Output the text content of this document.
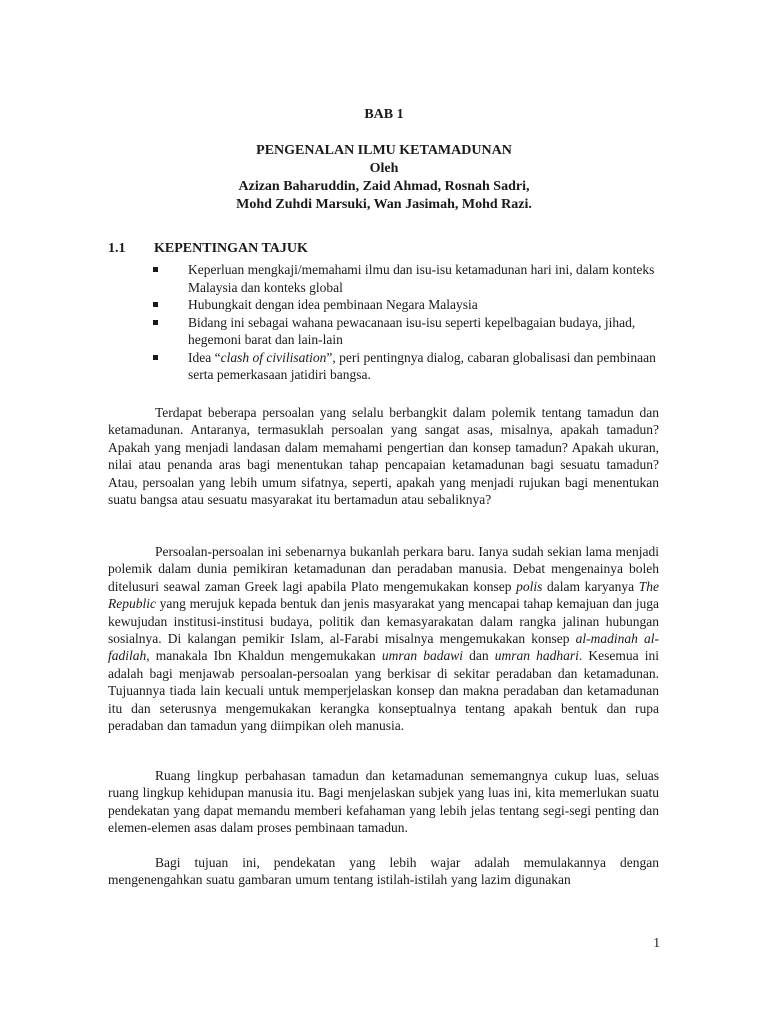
BAB 1
PENGENALAN ILMU KETAMADUNAN
Oleh
Azizan Baharuddin, Zaid Ahmad, Rosnah Sadri,
Mohd Zuhdi Marsuki, Wan Jasimah, Mohd Razi.
1.1 KEPENTINGAN TAJUK
Keperluan mengkaji/memahami ilmu dan isu-isu ketamadunan hari ini, dalam konteks Malaysia dan konteks global
Hubungkait dengan idea pembinaan Negara Malaysia
Bidang ini sebagai wahana pewacanaan isu-isu seperti kepelbagaian budaya, jihad, hegemoni barat dan lain-lain
Idea “clash of civilisation”, peri pentingnya dialog, cabaran globalisasi dan pembinaan serta pemerkasaan jatidiri bangsa.

Terdapat beberapa persoalan yang selalu berbangkit dalam polemik tentang tamadun dan ketamadunan. Antaranya, termasuklah persoalan yang sangat asas, misalnya, apakah tamadun? Apakah yang menjadi landasan dalam memahami pengertian dan konsep tamadun? Apakah ukuran, nilai atau penanda aras bagi menentukan tahap pencapaian ketamadunan bagi sesuatu tamadun? Atau, persoalan yang lebih umum sifatnya, seperti, apakah yang menjadi rujukan bagi menentukan suatu bangsa atau sesuatu masyarakat itu bertamadun atau sebaliknya?

Persoalan-persoalan ini sebenarnya bukanlah perkara baru. Ianya sudah sekian lama menjadi polemik dalam dunia pemikiran ketamadunan dan peradaban manusia. Debat mengenainya boleh ditelusuri seawal zaman Greek lagi apabila Plato mengemukakan konsep polis dalam karyanya The Republic yang merujuk kepada bentuk dan jenis masyarakat yang mencapai tahap kemajuan dan juga kewujudan institusi-institusi budaya, politik dan kemasyarakatan dalam rangka jalinan hubungan sosialnya. Di kalangan pemikir Islam, al-Farabi misalnya mengemukakan konsep al-madinah al-fadilah, manakala Ibn Khaldun mengemukakan umran badawi dan umran hadhari. Kesemua ini adalah bagi menjawab persoalan-persoalan yang berkisar di sekitar peradaban dan ketamadunan. Tujuannya tiada lain kecuali untuk memperjelaskan konsep dan makna peradaban dan ketamadunan itu dan seterusnya mengemukakan kerangka konseptualnya tentang apakah bentuk dan rupa peradaban dan tamadun yang diimpikan oleh manusia.

Ruang lingkup perbahasan tamadun dan ketamadunan sememangnya cukup luas, seluas ruang lingkup kehidupan manusia itu. Bagi menjelaskan subjek yang luas ini, kita memerlukan suatu pendekatan yang dapat memandu memberi kefahaman yang lebih jelas tentang segi-segi penting dan elemen-elemen asas dalam proses pembinaan tamadun.

Bagi tujuan ini, pendekatan yang lebih wajar adalah memulakannya dengan mengenengahkan suatu gambaran umum tentang istilah-istilah yang lazim digunakan

1
